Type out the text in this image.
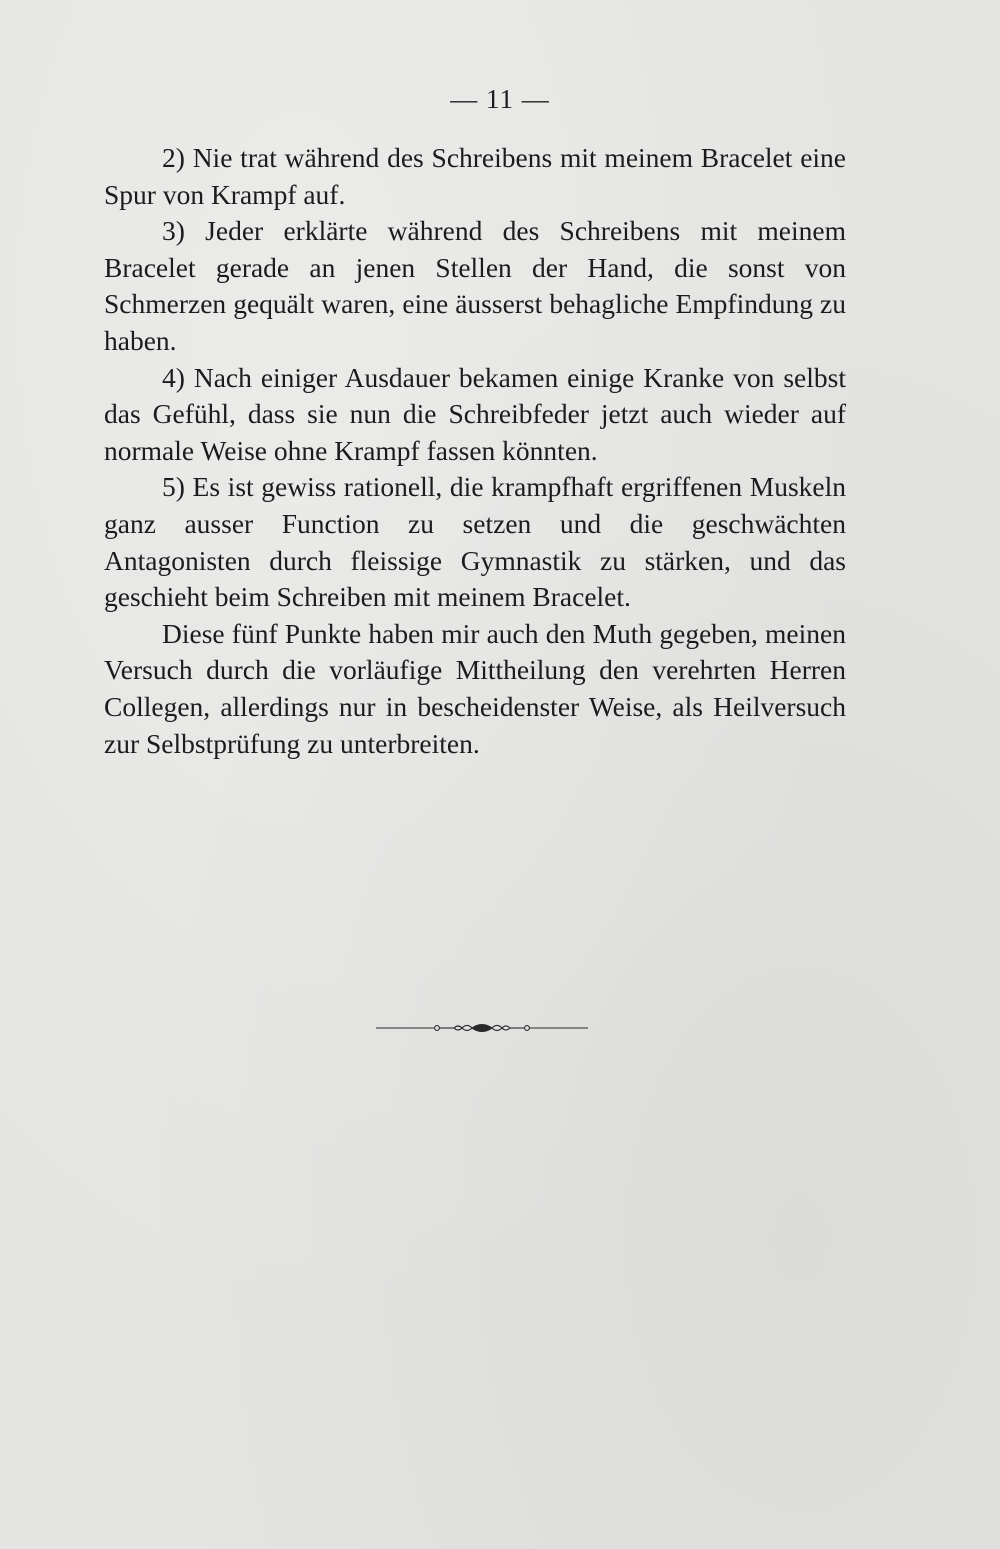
— 11 —

2) Nie trat während des Schreibens mit meinem Bracelet eine Spur von Krampf auf.

3) Jeder erklärte während des Schreibens mit meinem Bracelet gerade an jenen Stellen der Hand, die sonst von Schmerzen gequält waren, eine äusserst behagliche Empfindung zu haben.

4) Nach einiger Ausdauer bekamen einige Kranke von selbst das Gefühl, dass sie nun die Schreibfeder jetzt auch wieder auf normale Weise ohne Krampf fassen könnten.

5) Es ist gewiss rationell, die krampfhaft ergriffenen Muskeln ganz ausser Function zu setzen und die geschwächten Antagonisten durch fleissige Gymnastik zu stärken, und das geschieht beim Schreiben mit meinem Bracelet.

Diese fünf Punkte haben mir auch den Muth gegeben, meinen Versuch durch die vorläufige Mittheilung den verehrten Herren Collegen, allerdings nur in bescheidenster Weise, als Heilversuch zur Selbstprüfung zu unterbreiten.
